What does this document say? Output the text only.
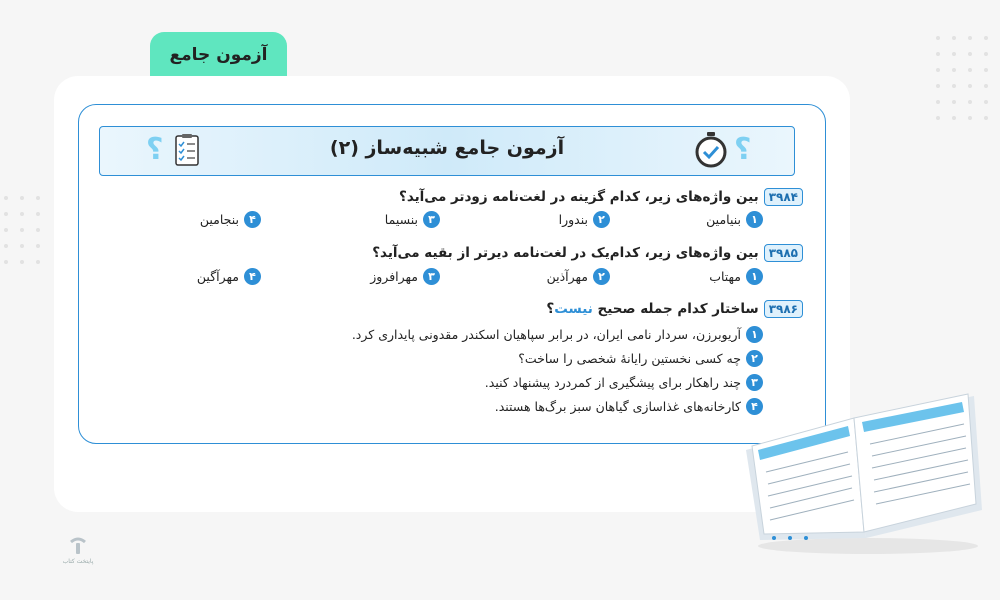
آزمون جامع
؟	آزمون جامع شبیه‌ساز (۲)	؟
۳۹۸۴
بین واژه‌های زیر، کدام گزینه در لغت‌نامه زودتر می‌آید؟
۱
بنیامین
۲
بندورا
۳
بنسیما
۴
بنجامین
۳۹۸۵
بین واژه‌های زیر، کدام‌یک در لغت‌نامه دیرتر از بقیه می‌آید؟
۱
مهتاب
۲
مهرآذین
۳
مهرافروز
۴
مهرآگین
۳۹۸۶
ساختار کدام جمله صحیح نیست؟
۱
آریوبرزن، سردار نامی ایران، در برابر سپاهیان اسکندر مقدونی پایداری کرد.
۲
چه کسی نخستین رایانهٔ شخصی را ساخت؟
۳
چند راهکار برای پیشگیری از کمردرد پیشنهاد کنید.
۴
کارخانه‌های غذاسازی گیاهان سبز برگ‌ها هستند.
پایتخت کتاب
